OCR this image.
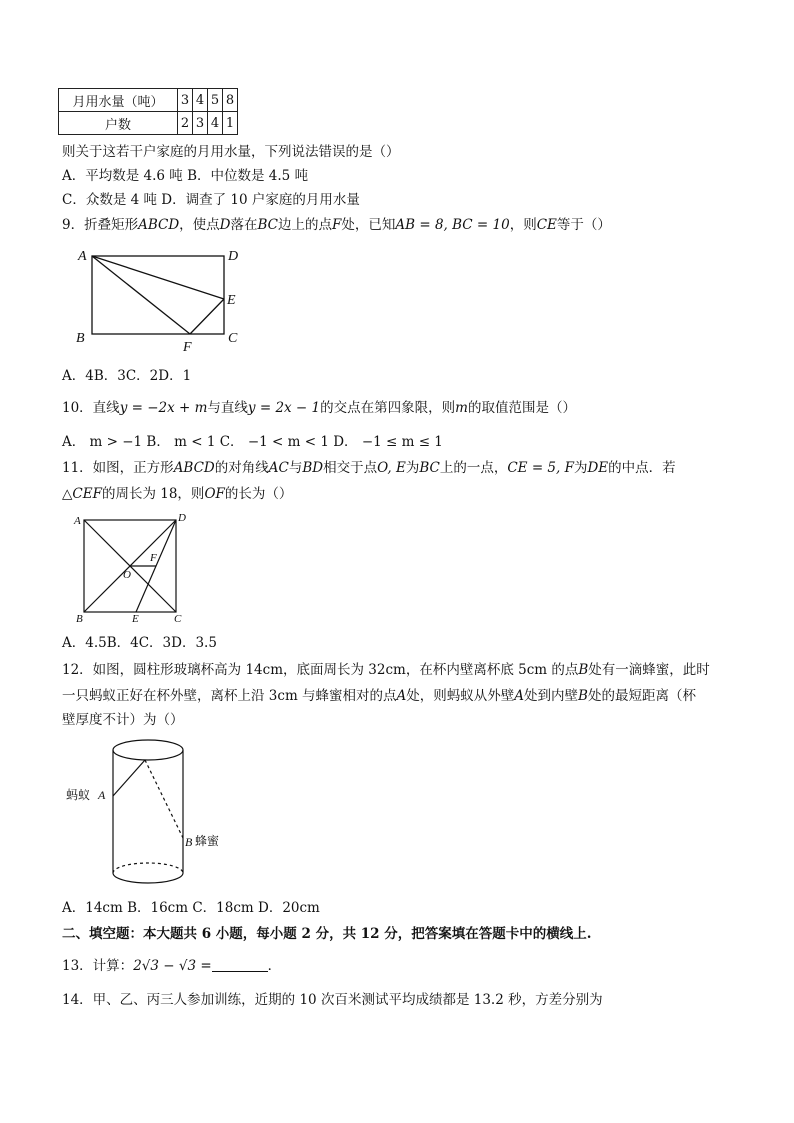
月用水量（吨）	3	4	5	8
户数	2	3	4	1
则关于这若干户家庭的月用水量，下列说法错误的是（）
A．平均数是 4.6 吨 B．中位数是 4.5 吨
C．众数是 4 吨 D．调查了 10 户家庭的月用水量
9．折叠矩形ABCD，使点D落在BC边上的点F处，已知AB = 8, BC = 10，则CE等于（）
A	D
E
B
F
C
A．4B．3C．2D．1
10．直线y = −2x + m与直线y = 2x − 1的交点在第四象限，则m的取值范围是（）
A． m > −1 B． m < 1 C． −1 < m < 1 D． −1 ≤ m ≤ 1
11．如图，正方形ABCD的对角线AC与BD相交于点O, E为BC上的一点，CE = 5, F为DE的中点．若
△CEF的周长为 18，则OF的长为（）
A	D
F
O
B	E	C
A．4.5B．4C．3D．3.5
12．如图，圆柱形玻璃杯高为 14cm，底面周长为 32cm，在杯内壁离杯底 5cm 的点B处有一滴蜂蜜，此时
一只蚂蚁正好在杯外壁，离杯上沿 3cm 与蜂蜜相对的点A处，则蚂蚁从外壁A处到内壁B处的最短距离（杯
壁厚度不计）为（）
蚂蚁 A
B 蜂蜜
A．14cm B．16cm C．18cm D．20cm
二、填空题：本大题共 6 小题，每小题 2 分，共 12 分，把答案填在答题卡中的横线上.
13．计算：2√3 − √3 =	．
14．甲、乙、丙三人参加训练，近期的 10 次百米测试平均成绩都是 13.2 秒，方差分别为
